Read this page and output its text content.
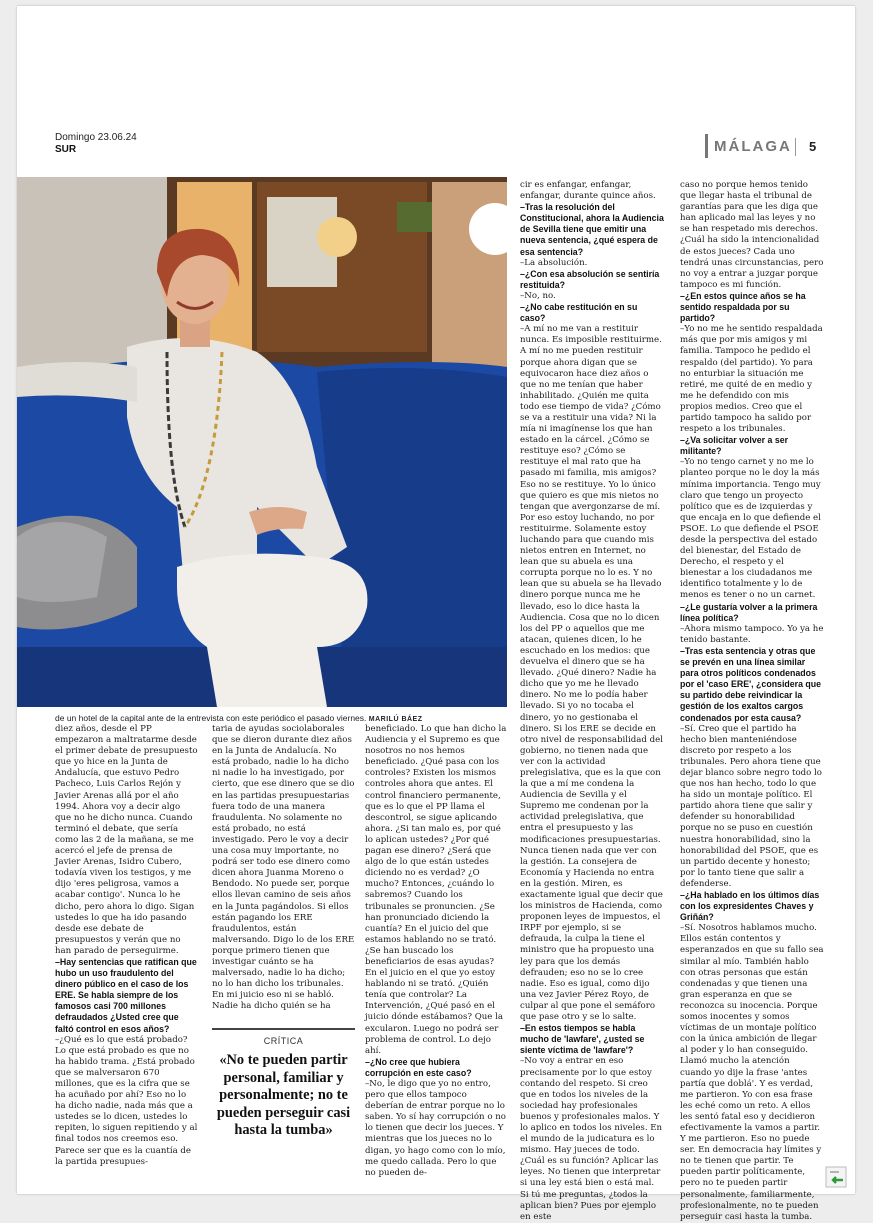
Domingo 23.06.24
SUR	MÁLAGA 5
de un hotel de la capital ante de la entrevista con este periódico el pasado viernes. MARILÚ BÁEZ

diez años, desde el PP empezaron a maltratarme desde el primer debate de presupuesto que yo hice en la Junta de Andalucía, que estuvo Pedro Pacheco, Luis Carlos Rejón y Javier Arenas allá por el año 1994. Ahora voy a decir algo que no he dicho nunca. Cuando terminó el debate, que sería como las 2 de la mañana, se me acercó el jefe de prensa de Javier Arenas, Isidro Cubero, todavía viven los testigos, y me dijo 'eres peligrosa, vamos a acabar contigo'. Nunca lo he dicho, pero ahora lo digo. Sigan ustedes lo que ha ido pasando desde ese debate de presupuestos y verán que no han parado de perseguirme.

–Hay sentencias que ratifican que hubo un uso fraudulento del dinero público en el caso de los ERE. Se habla siempre de los famosos casi 700 millones defraudados ¿Usted cree que faltó control en esos años?

–¿Qué es lo que está probado? Lo que está probado es que no ha habido trama. ¿Está probado que se malversaron 670 millones, que es la cifra que se ha acuñado por ahí? Eso no lo ha dicho nadie, nada más que a ustedes se lo dicen, ustedes lo repiten, lo siguen repitiendo y al final todos nos creemos eso. Parece ser que es la cuantía de la partida presupues-

taria de ayudas sociolaborales que se dieron durante diez años en la Junta de Andalucía. No está probado, nadie lo ha dicho ni nadie lo ha investigado, por cierto, que ese dinero que se dio en las partidas presupuestarias fuera todo de una manera fraudulenta. No solamente no está probado, no está investigado. Pero le voy a decir una cosa muy importante, no podrá ser todo ese dinero como dicen ahora Juanma Moreno o Bendodo. No puede ser, porque ellos llevan camino de seis años en la Junta pagándolos. Si ellos están pagando los ERE fraudulentos, están malversando. Digo lo de los ERE porque primero tienen que investigar cuánto se ha malversado, nadie lo ha dicho; no lo han dicho los tribunales. En mi juicio eso ni se habló. Nadie ha dicho quién se ha

beneficiado. Lo que han dicho la Audiencia y el Supremo es que nosotros no nos hemos beneficiado. ¿Qué pasa con los controles? Existen los mismos controles ahora que antes. El control financiero permanente, que es lo que el PP llama el descontrol, se sigue aplicando ahora. ¿Si tan malo es, por qué lo aplican ustedes? ¿Por qué pagan ese dinero? ¿Será que algo de lo que están ustedes diciendo no es verdad? ¿O mucho? Entonces, ¿cuándo lo sabremos? Cuando los tribunales se pronuncien. ¿Se han pronunciado diciendo la cuantía? En el juicio del que estamos hablando no se trató. ¿Se han buscado los beneficiarios de esas ayudas? En el juicio en el que yo estoy hablando ni se trató. ¿Quién tenía que controlar? La Intervención, ¿Qué pasó en el juicio dónde estábamos? Que la excularon. Luego no podrá ser problema de control. Lo dejo ahí.

–¿No cree que hubiera corrupción en este caso?

–No, le digo que yo no entro, pero que ellos tampoco deberían de entrar porque no lo saben. Yo sí hay corrupción o no lo tienen que decir los jueces. Y mientras que los jueces no lo digan, yo hago como con lo mío, me quedo callada. Pero lo que no pueden de-

cir es enfangar, enfangar, enfangar, durante quince años.

–Tras la resolución del Constitucional, ahora la Audiencia de Sevilla tiene que emitir una nueva sentencia, ¿qué espera de esa sentencia?

–La absolución.

–¿Con esa absolución se sentiría restituida?

–No, no.

–¿No cabe restitución en su caso?

–A mí no me van a restituir nunca. Es imposible restituirme. A mí no me pueden restituir porque ahora digan que se equivocaron hace diez años o que no me tenían que haber inhabilitado. ¿Quién me quita todo ese tiempo de vida? ¿Cómo se va a restituir una vida? Ni la mía ni imagínense los que han estado en la cárcel. ¿Cómo se restituye eso? ¿Cómo se restituye el mal rato que ha pasado mi familia, mis amigos? Eso no se restituye. Yo lo único que quiero es que mis nietos no tengan que avergonzarse de mí. Por eso estoy luchando, no por restituirme. Solamente estoy luchando para que cuando mis nietos entren en Internet, no lean que su abuela es una corrupta porque no lo es. Y no lean que su abuela se ha llevado dinero porque nunca me he llevado, eso lo dice hasta la Audiencia. Cosa que no lo dicen los del PP o aquellos que me atacan, quienes dicen, lo he escuchado en los medios: que devuelva el dinero que se ha llevado. ¿Qué dinero? Nadie ha dicho que yo me he llevado dinero. No me lo podía haber llevado. Si yo no tocaba el dinero, yo no gestionaba el dinero. Si los ERE se decide en otro nivel de responsabilidad del gobierno, no tienen nada que ver con la actividad prelegislativa, que es la que con la que a mí me condena la Audiencia de Sevilla y el Supremo me condenan por la actividad prelegislativa, que entra el presupuesto y las modificaciones presupuestarias. Nunca tienen nada que ver con la gestión. La consejera de Economía y Hacienda no entra en la gestión. Miren, es exactamente igual que decir que los ministros de Hacienda, como proponen leyes de impuestos, el IRPF por ejemplo, si se defrauda, la culpa la tiene el ministro que ha propuesto una ley para que los demás defrauden; eso no se lo cree nadie. Eso es igual, como dijo una vez Javier Pérez Royo, de culpar al que pone el semáforo que pase otro y se lo salte.

–En estos tiempos se habla mucho de 'lawfare', ¿usted se siente víctima de 'lawfare'?

–No voy a entrar en eso precisamente por lo que estoy contando del respeto. Si creo que en todos los niveles de la sociedad hay profesionales buenos y profesionales malos. Y lo aplico en todos los niveles. En el mundo de la judicatura es lo mismo. Hay jueces de todo. ¿Cuál es su función? Aplicar las leyes. No tienen que interpretar si una ley está bien o está mal. Si tú me preguntas, ¿todos la aplican bien? Pues por ejemplo en este

caso no porque hemos tenido que llegar hasta el tribunal de garantías para que les diga que han aplicado mal las leyes y no se han respetado mis derechos. ¿Cuál ha sido la intencionalidad de estos jueces? Cada uno tendrá unas circunstancias, pero no voy a entrar a juzgar porque tampoco es mi función.

–¿En estos quince años se ha sentido respaldada por su partido?

–Yo no me he sentido respaldada más que por mis amigos y mi familia. Tampoco he pedido el respaldo (del partido). Yo para no enturbiar la situación me retiré, me quité de en medio y me he defendido con mis propios medios. Creo que el partido tampoco ha salido por respeto a los tribunales.

–¿Va solicitar volver a ser militante?

–Yo no tengo carnet y no me lo planteo porque no le doy la más mínima importancia. Tengo muy claro que tengo un proyecto político que es de izquierdas y que encaja en lo que defiende el PSOE. Lo que defiende el PSOE desde la perspectiva del estado del bienestar, del Estado de Derecho, el respeto y el bienestar a los ciudadanos me identifico totalmente y lo de menos es tener o no un carnet.

–¿Le gustaría volver a la primera línea política?

–Ahora mismo tampoco. Yo ya he tenido bastante.

–Tras esta sentencia y otras que se prevén en una línea similar para otros políticos condenados por el 'caso ERE', ¿considera que su partido debe reivindicar la gestión de los exaltos cargos condenados por esta causa?

–Sí. Creo que el partido ha hecho bien manteniéndose discreto por respeto a los tribunales. Pero ahora tiene que dejar blanco sobre negro todo lo que nos han hecho, todo lo que ha sido un montaje político. El partido ahora tiene que salir y defender su honorabilidad porque no se puso en cuestión nuestra honorabilidad, sino la honorabilidad del PSOE, que es un partido decente y honesto; por lo tanto tiene que salir a defenderse.

–¿Ha hablado en los últimos días con los expresidentes Chaves y Griñán?

–Sí. Nosotros hablamos mucho. Ellos están contentos y esperanzados en que su fallo sea similar al mío. También hablo con otras personas que están condenadas y que tienen una gran esperanza en que se reconozca su inocencia. Porque somos inocentes y somos víctimas de un montaje político con la única ambición de llegar al poder y lo han conseguido. Llamó mucho la atención cuando yo dije la frase 'antes partía que doblá'. Y es verdad, me partieron. Yo con esa frase les eché como un reto. A ellos les sentó fatal eso y decidieron efectivamente la vamos a partir. Y me partieron. Eso no puede ser. En democracia hay límites y no te tienen que partir. Te pueden partir políticamente, pero no te pueden partir personalmente, familiarmente, profesionalmente, no te pueden perseguir casi hasta la tumba.

CRÍTICA
«No te pueden partir personal, familiar y personalmente; no te pueden perseguir casi hasta la tumba»
